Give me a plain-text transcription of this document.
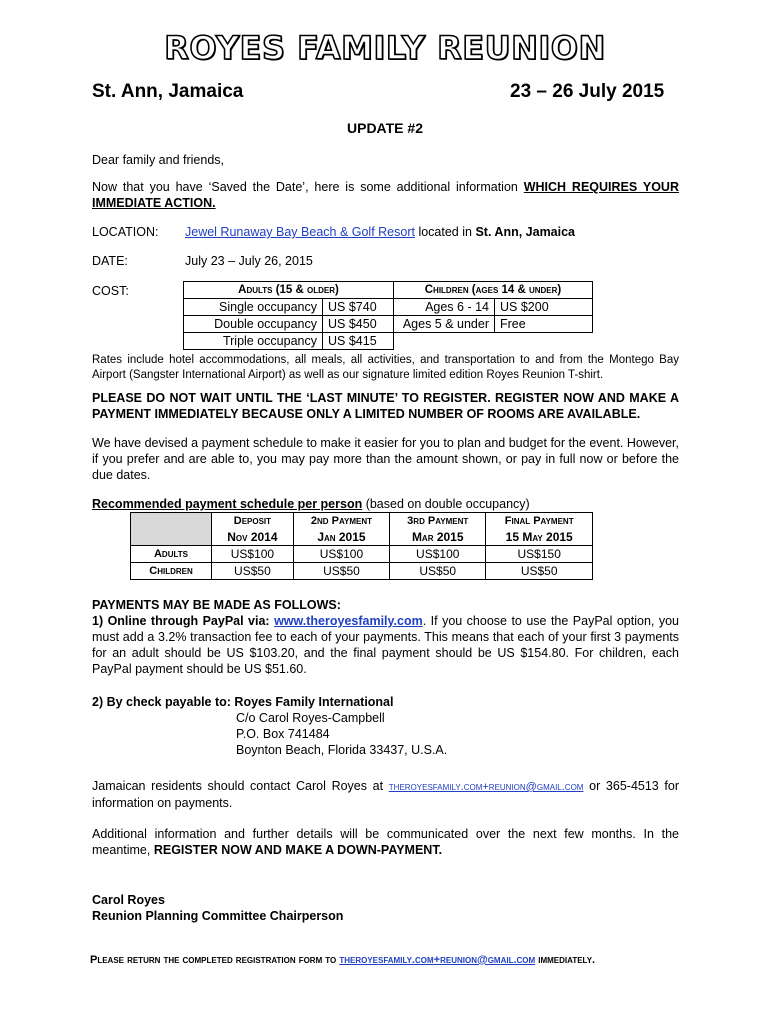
ROYES FAMILY REUNION
St. Ann, Jamaica	23 – 26 July 2015
UPDATE #2
Dear family and friends,
Now that you have ‘Saved the Date’, here is some additional information WHICH REQUIRES YOUR IMMEDIATE ACTION.
LOCATION: Jewel Runaway Bay Beach & Golf Resort located in St. Ann, Jamaica
DATE:	July 23 – July 26, 2015
COST:	Adults (15 & older)		Children (ages 14 & under)	
Single occupancy	US $740	Ages 6 - 14	US $200
Double occupancy	US $450	Ages 5 & under	Free
Triple occupancy	US $415		
Rates include hotel accommodations, all meals, all activities, and transportation to and from the Montego Bay Airport (Sangster International Airport) as well as our signature limited edition Royes Reunion T-shirt.
PLEASE DO NOT WAIT UNTIL THE ‘LAST MINUTE’ TO REGISTER. REGISTER NOW AND MAKE A PAYMENT IMMEDIATELY BECAUSE ONLY A LIMITED NUMBER OF ROOMS ARE AVAILABLE.
We have devised a payment schedule to make it easier for you to plan and budget for the event. However, if you prefer and are able to, you may pay more than the amount shown, or pay in full now or before the due dates.
Recommended payment schedule per person (based on double occupancy)
	Deposit	2nd Payment	3rd Payment	Final Payment
	Nov 2014	Jan 2015	Mar 2015	15 May 2015
Adults	US$100	US$100	US$100	US$150
Children	US$50	US$50	US$50	US$50
PAYMENTS MAY BE MADE AS FOLLOWS:
1) Online through PayPal via: www.theroyesfamily.com. If you choose to use the PayPal option, you must add a 3.2% transaction fee to each of your payments. This means that each of your first 3 payments for an adult should be US $103.20, and the final payment should be US $154.80. For children, each PayPal payment should be US $51.60.
2) By check payable to: Royes Family International
C/o Carol Royes-Campbell
P.O. Box 741484
Boynton Beach, Florida 33437, U.S.A.
Jamaican residents should contact Carol Royes at theroyesfamily.com+reunion@gmail.com or 365-4513 for information on payments.
Additional information and further details will be communicated over the next few months. In the meantime, REGISTER NOW AND MAKE A DOWN-PAYMENT.
Carol Royes
Reunion Planning Committee Chairperson
Please return the completed registration form to theroyesfamily.com+reunion@gmail.com immediately.
